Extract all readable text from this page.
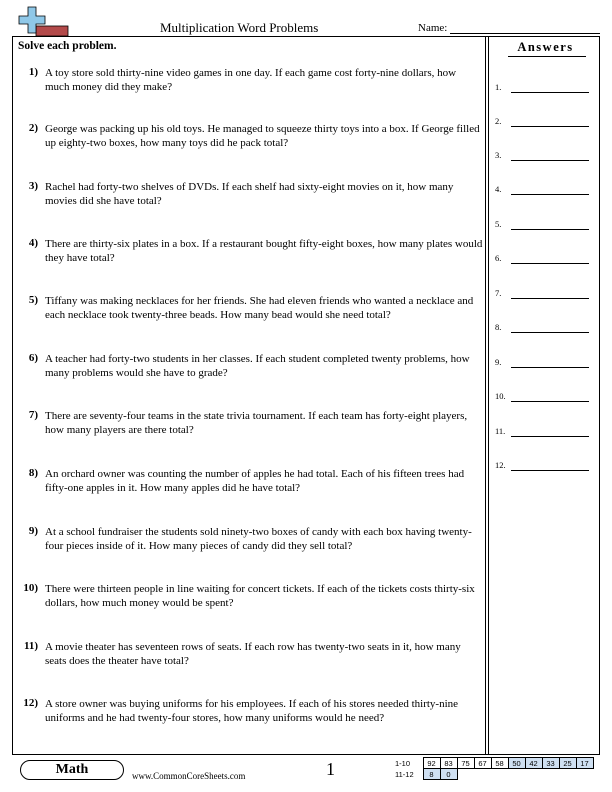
Multiplication Word Problems	Name:
Solve each problem.
1) A toy store sold thirty-nine video games in one day. If each game cost forty-nine dollars, how much money did they make?
2) George was packing up his old toys. He managed to squeeze thirty toys into a box. If George filled up eighty-two boxes, how many toys did he pack total?
3) Rachel had forty-two shelves of DVDs. If each shelf had sixty-eight movies on it, how many movies did she have total?
4) There are thirty-six plates in a box. If a restaurant bought fifty-eight boxes, how many plates would they have total?
5) Tiffany was making necklaces for her friends. She had eleven friends who wanted a necklace and each necklace took twenty-three beads. How many bead would she need total?
6) A teacher had forty-two students in her classes. If each student completed twenty problems, how many problems would she have to grade?
7) There are seventy-four teams in the state trivia tournament. If each team has forty-eight players, how many players are there total?
8) An orchard owner was counting the number of apples he had total. Each of his fifteen trees had fifty-one apples in it. How many apples did he have total?
9) At a school fundraiser the students sold ninety-two boxes of candy with each box having twenty-four pieces inside of it. How many pieces of candy did they sell total?
10) There were thirteen people in line waiting for concert tickets. If each of the tickets costs thirty-six dollars, how much money would be spent?
11) A movie theater has seventeen rows of seats. If each row has twenty-two seats in it, how many seats does the theater have total?
12) A store owner was buying uniforms for his employees. If each of his stores needed thirty-nine uniforms and he had twenty-four stores, how many uniforms would he need?
Answers
1.
2.
3.
4.
5.
6.
7.
8.
9.
10.
11.
12.
Math	www.CommonCoreSheets.com	1	1-10	92	83	75	67	58	50	42	33	25	17
11-12	8	0								
